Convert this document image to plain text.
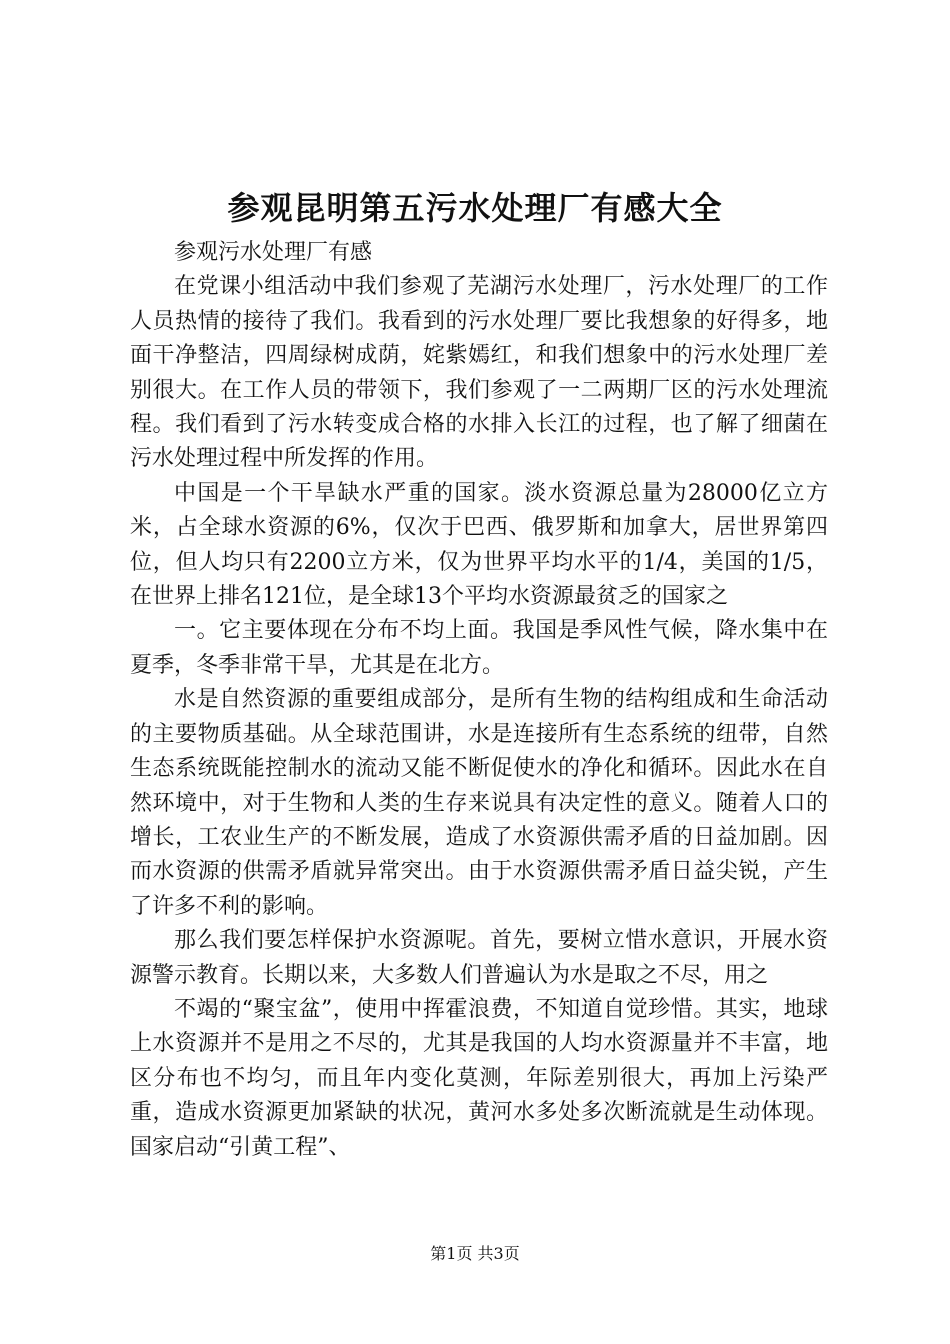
参观昆明第五污水处理厂有感大全

参观污水处理厂有感

在党课小组活动中我们参观了芜湖污水处理厂，污水处理厂的工作人员热情的接待了我们。我看到的污水处理厂要比我想象的好得多，地面干净整洁，四周绿树成荫，姹紫嫣红，和我们想象中的污水处理厂差别很大。在工作人员的带领下，我们参观了一二两期厂区的污水处理流程。我们看到了污水转变成合格的水排入长江的过程，也了解了细菌在污水处理过程中所发挥的作用。

中国是一个干旱缺水严重的国家。淡水资源总量为28000亿立方米，占全球水资源的6%，仅次于巴西、俄罗斯和加拿大，居世界第四位，但人均只有2200立方米，仅为世界平均水平的1/4，美国的1/5，在世界上排名121位，是全球13个平均水资源最贫乏的国家之

一。它主要体现在分布不均上面。我国是季风性气候，降水集中在夏季，冬季非常干旱，尤其是在北方。

水是自然资源的重要组成部分，是所有生物的结构组成和生命活动的主要物质基础。从全球范围讲，水是连接所有生态系统的纽带，自然生态系统既能控制水的流动又能不断促使水的净化和循环。因此水在自然环境中，对于生物和人类的生存来说具有决定性的意义。随着人口的增长，工农业生产的不断发展，造成了水资源供需矛盾的日益加剧。因而水资源的供需矛盾就异常突出。由于水资源供需矛盾日益尖锐，产生了许多不利的影响。

那么我们要怎样保护水资源呢。首先，要树立惜水意识，开展水资源警示教育。长期以来，大多数人们普遍认为水是取之不尽，用之

不竭的“聚宝盆”，使用中挥霍浪费，不知道自觉珍惜。其实，地球上水资源并不是用之不尽的，尤其是我国的人均水资源量并不丰富，地区分布也不均匀，而且年内变化莫测，年际差别很大，再加上污染严重，造成水资源更加紧缺的状况，黄河水多处多次断流就是生动体现。国家启动“引黄工程”、

第1页 共3页
